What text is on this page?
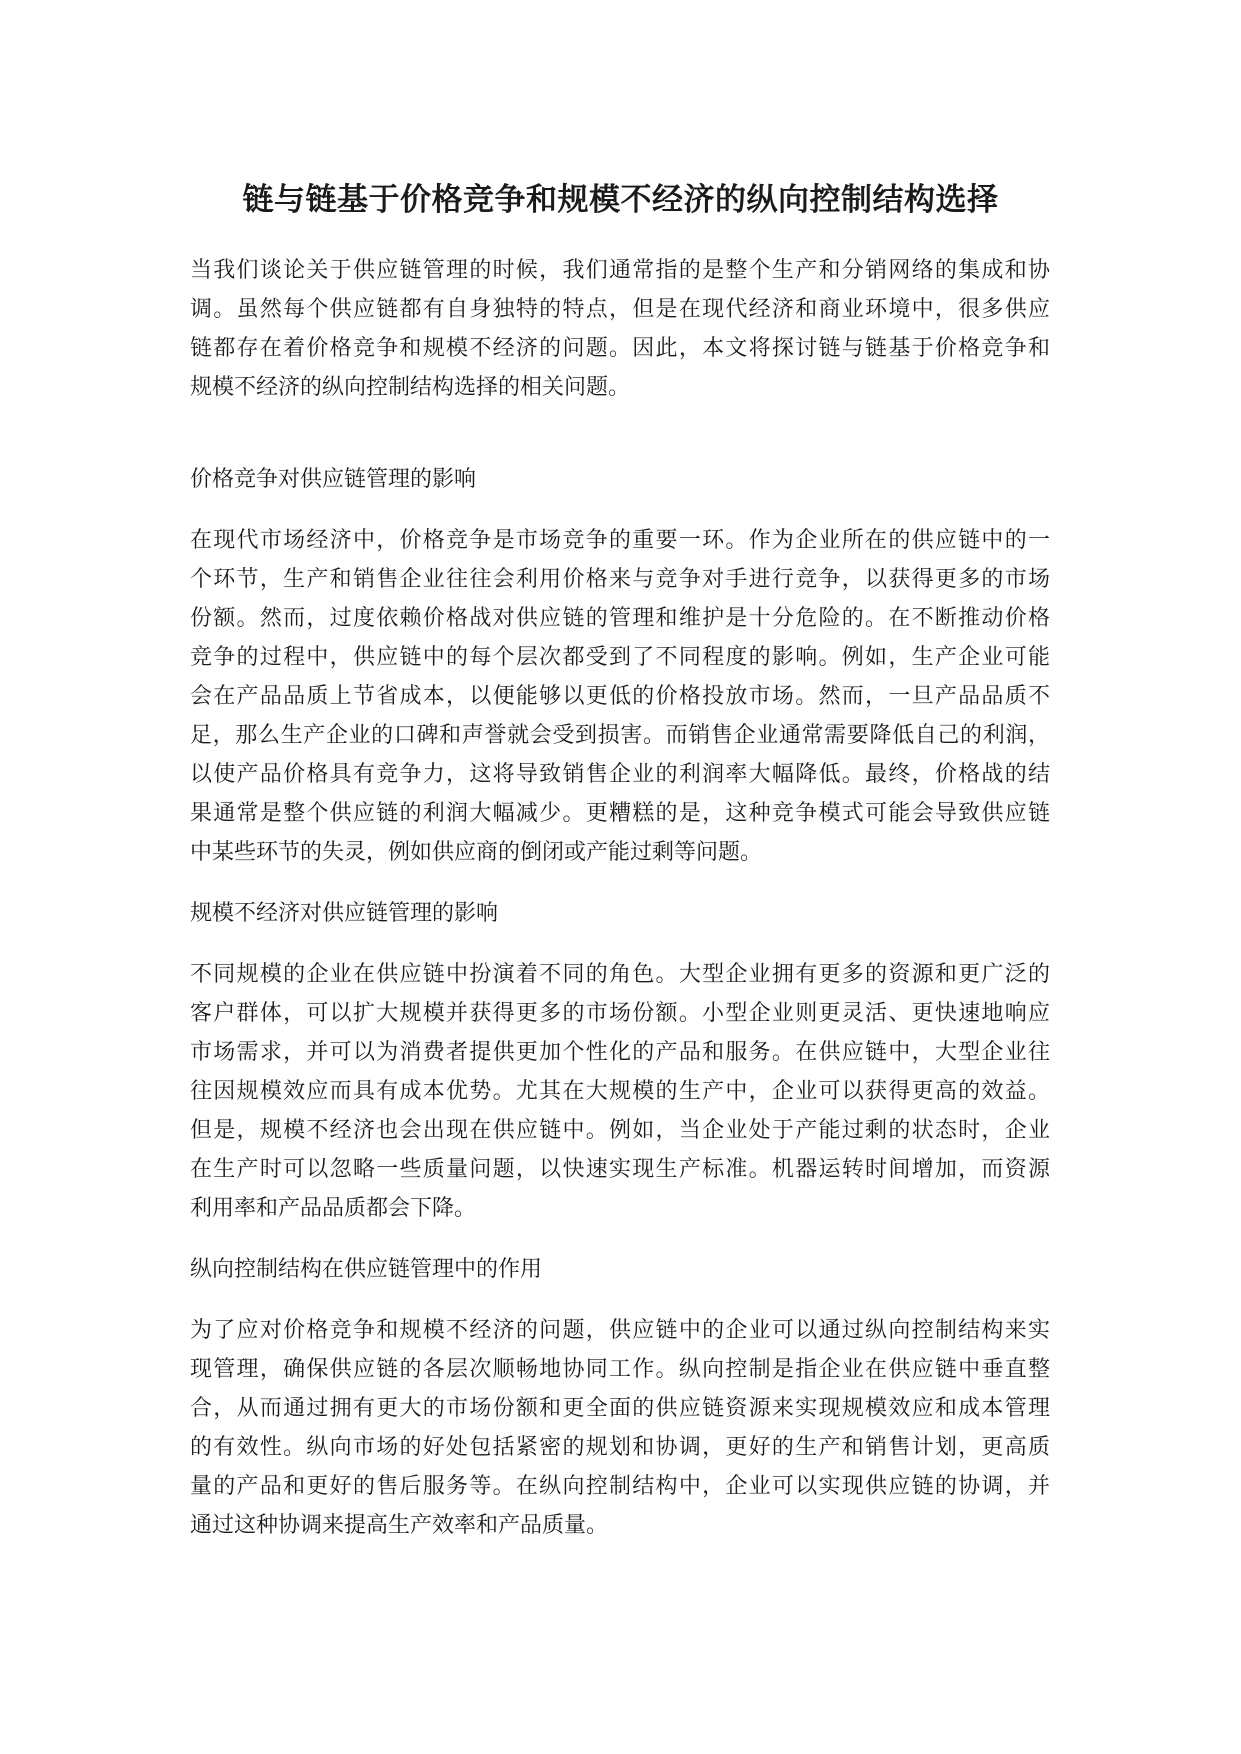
链与链基于价格竞争和规模不经济的纵向控制结构选择

当我们谈论关于供应链管理的时候，我们通常指的是整个生产和分销网络的集成和协
调。虽然每个供应链都有自身独特的特点，但是在现代经济和商业环境中，很多供应
链都存在着价格竞争和规模不经济的问题。因此，本文将探讨链与链基于价格竞争和
规模不经济的纵向控制结构选择的相关问题。

价格竞争对供应链管理的影响

在现代市场经济中，价格竞争是市场竞争的重要一环。作为企业所在的供应链中的一
个环节，生产和销售企业往往会利用价格来与竞争对手进行竞争，以获得更多的市场
份额。然而，过度依赖价格战对供应链的管理和维护是十分危险的。在不断推动价格
竞争的过程中，供应链中的每个层次都受到了不同程度的影响。例如，生产企业可能
会在产品品质上节省成本，以便能够以更低的价格投放市场。然而，一旦产品品质不
足，那么生产企业的口碑和声誉就会受到损害。而销售企业通常需要降低自己的利润，
以使产品价格具有竞争力，这将导致销售企业的利润率大幅降低。最终，价格战的结
果通常是整个供应链的利润大幅减少。更糟糕的是，这种竞争模式可能会导致供应链
中某些环节的失灵，例如供应商的倒闭或产能过剩等问题。

规模不经济对供应链管理的影响

不同规模的企业在供应链中扮演着不同的角色。大型企业拥有更多的资源和更广泛的
客户群体，可以扩大规模并获得更多的市场份额。小型企业则更灵活、更快速地响应
市场需求，并可以为消费者提供更加个性化的产品和服务。在供应链中，大型企业往
往因规模效应而具有成本优势。尤其在大规模的生产中，企业可以获得更高的效益。
但是，规模不经济也会出现在供应链中。例如，当企业处于产能过剩的状态时，企业
在生产时可以忽略一些质量问题，以快速实现生产标准。机器运转时间增加，而资源
利用率和产品品质都会下降。

纵向控制结构在供应链管理中的作用

为了应对价格竞争和规模不经济的问题，供应链中的企业可以通过纵向控制结构来实
现管理，确保供应链的各层次顺畅地协同工作。纵向控制是指企业在供应链中垂直整
合，从而通过拥有更大的市场份额和更全面的供应链资源来实现规模效应和成本管理
的有效性。纵向市场的好处包括紧密的规划和协调，更好的生产和销售计划，更高质
量的产品和更好的售后服务等。在纵向控制结构中，企业可以实现供应链的协调，并
通过这种协调来提高生产效率和产品质量。
